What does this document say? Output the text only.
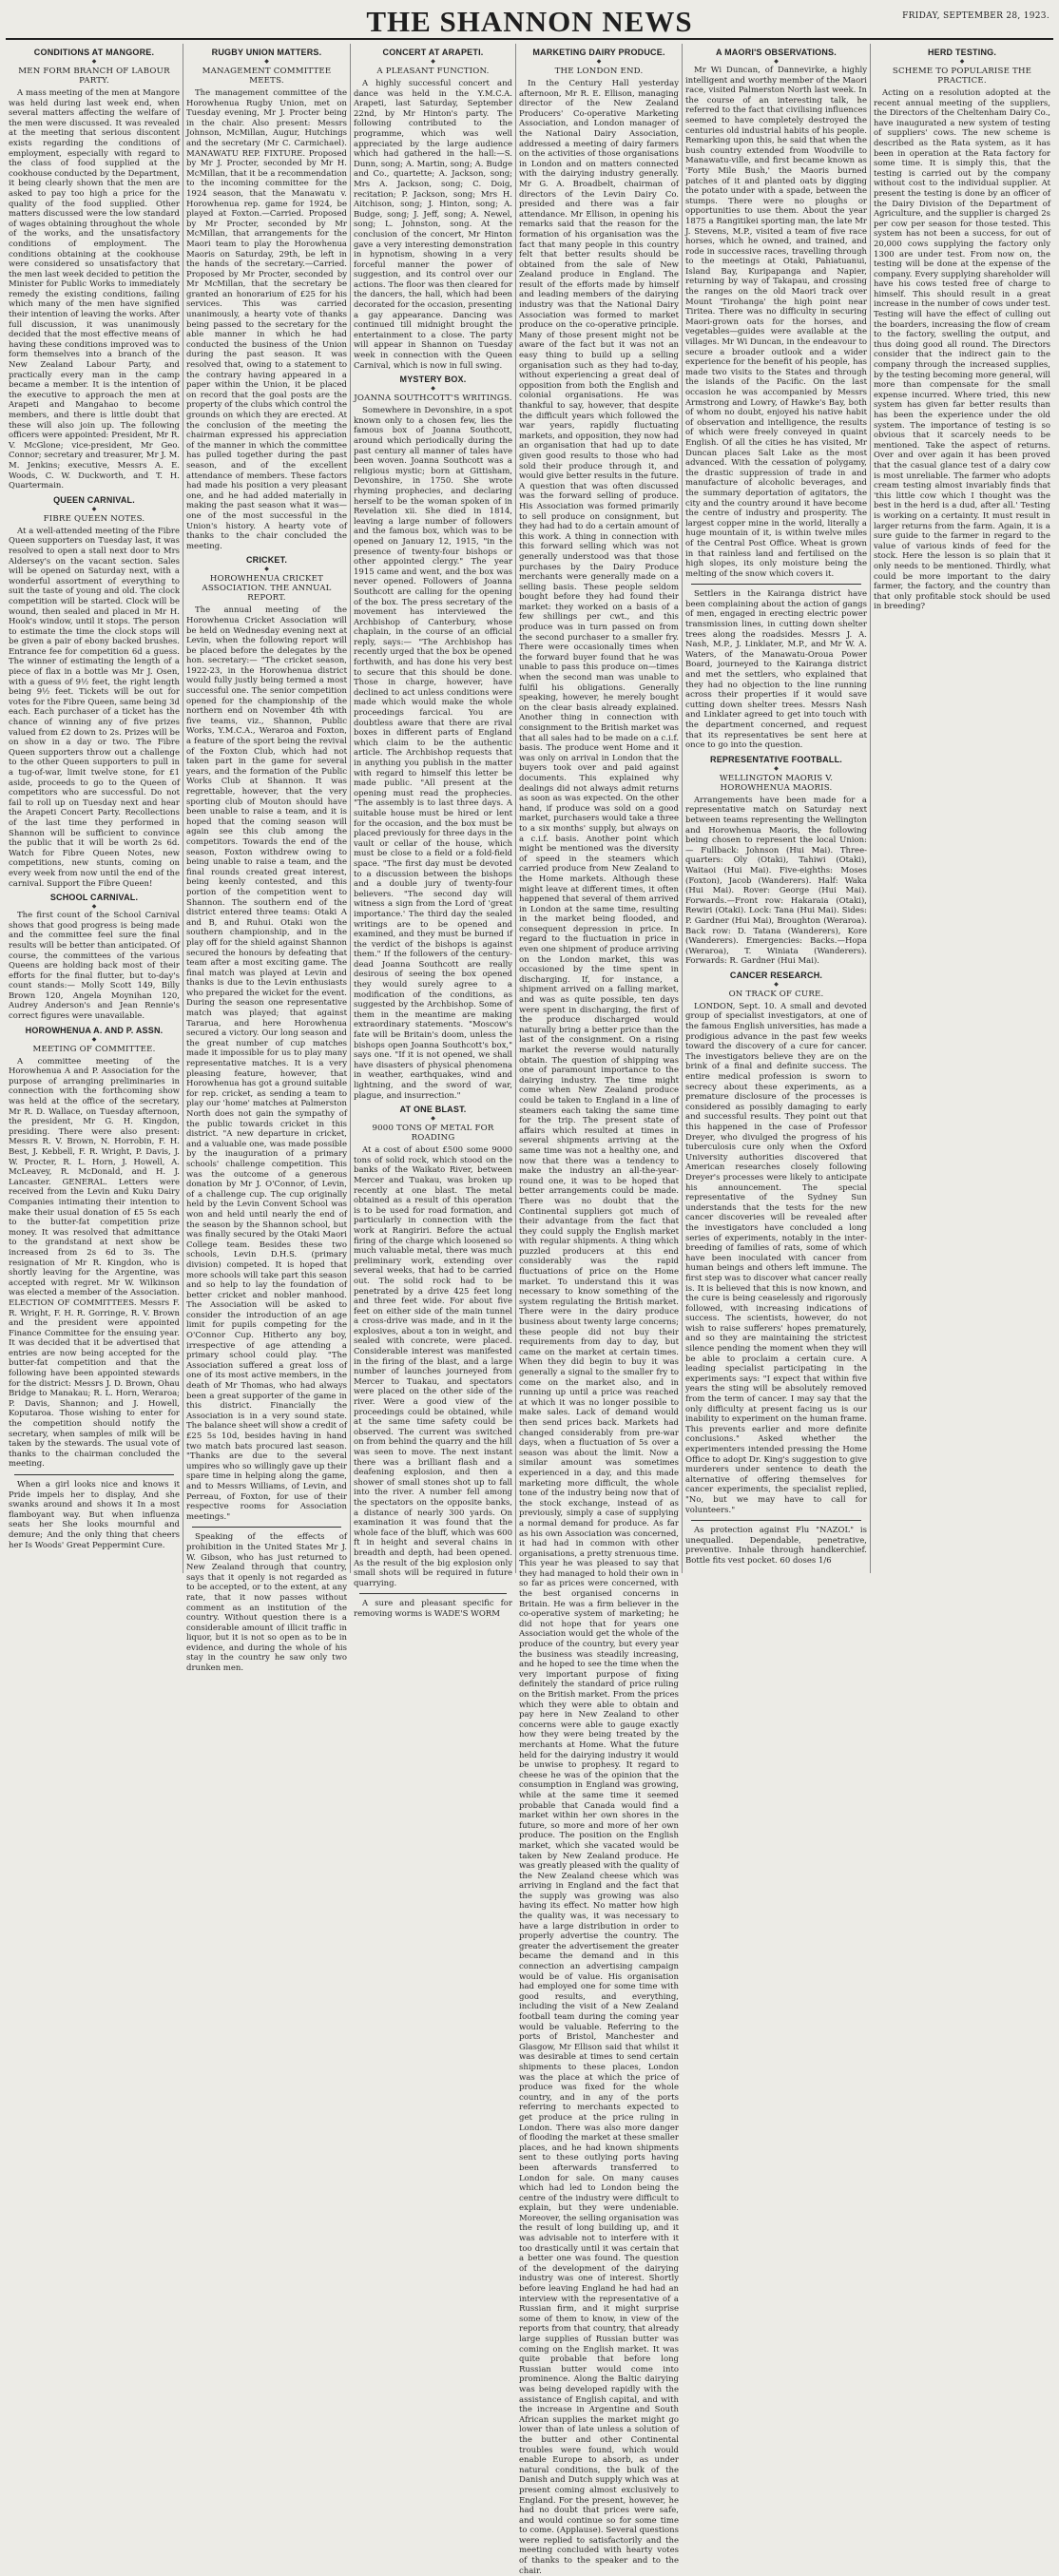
THE SHANNON NEWS	FRIDAY, SEPTEMBER 28, 1923.
CONDITIONS AT MANGORE.
◆
MEN FORM BRANCH OF LABOUR PARTY.
A mass meeting of the men at Mangore was held during last week end, when several matters affecting the welfare of the men were discussed. It was revealed at the meeting that serious discontent exists regarding the conditions of employment, especially with regard to the class of food supplied at the cookhouse conducted by the Department, it being clearly shown that the men are asked to pay too high a price for the quality of the food supplied. Other matters discussed were the low standard of wages obtaining throughout the whole of the works, and the unsatisfactory conditions of employment. The conditions obtaining at the cookhouse were considered so unsatisfactory that the men last week decided to petition the Minister for Public Works to immediately remedy the existing conditions, failing which many of the men have signified their intention of leaving the works. After full discussion, it was unanimously decided that the most effective means of having these conditions improved was to form themselves into a branch of the New Zealand Labour Party, and practically every man in the camp became a member. It is the intention of the executive to approach the men at Arapeti and Mangahao to become members, and there is little doubt that these will also join up. The following officers were appointed: President, Mr R. V. McGlone; vice-president, Mr Geo. Connor; secretary and treasurer, Mr J. M. M. Jenkins; executive, Messrs A. E. Woods, C. W. Duckworth, and T. H. Quartermain.
QUEEN CARNIVAL.
◆
FIBRE QUEEN NOTES.
At a well-attended meeting of the Fibre Queen supporters on Tuesday last, it was resolved to open a stall next door to Mrs Aldersey's on the vacant section. Sales will be opened on Saturday next, with a wonderful assortment of everything to suit the taste of young and old. The clock competition will be started. Clock will be wound, then sealed and placed in Mr H. Hook's window, until it stops. The person to estimate the time the clock stops will be given a pair of ebony backed brushes. Entrance fee for competition 6d a guess. The winner of estimating the length of a piece of flax in a bottle was Mr J. Osen, with a guess of 9½ feet, the right length being 9½ feet. Tickets will be out for votes for the Fibre Queen, same being 3d each. Each purchaser of a ticket has the chance of winning any of five prizes valued from £2 down to 2s. Prizes will be on show in a day or two. The Fibre Queen supporters throw out a challenge to the other Queen supporters to pull in a tug-of-war, limit twelve stone, for £1 aside, proceeds to go to the Queen of competitors who are successful. Do not fail to roll up on Tuesday next and hear the Arapeti Concert Party. Recollections of the last time they performed in Shannon will be sufficient to convince the public that it will be worth 2s 6d. Watch for Fibre Queen Notes, new competitions, new stunts, coming on every week from now until the end of the carnival. Support the Fibre Queen!
SCHOOL CARNIVAL.
◆
The first count of the School Carnival shows that good progress is being made and the committee feel sure the final results will be better than anticipated. Of course, the committees of the various Queens are holding back most of their efforts for the final flutter, but to-day's count stands:— Molly Scott 149, Billy Brown 120, Angela Moynihan 120, Audrey Anderson's and Jean Rennie's correct figures were unavailable.
HOROWHENUA A. AND P. ASSN.
◆
MEETING OF COMMITTEE.
A committee meeting of the Horowhenua A and P. Association for the purpose of arranging preliminaries in connection with the forthcoming show was held at the office of the secretary, Mr R. D. Wallace, on Tuesday afternoon, the president, Mr G. H. Kingdon, presiding. There were also present: Messrs R. V. Brown, N. Horrobin, F. H. Best, J. Kebbell, F. R. Wright, P. Davis, J. W. Procter, R. L. Horn, J. Howell, A. McLeavey, R. McDonald, and H. J. Lancaster. GENERAL. Letters were received from the Levin and Kuku Dairy Companies intimating their intention to make their usual donation of £5 5s each to the butter-fat competition prize money. It was resolved that admittance to the grandstand at next show be increased from 2s 6d to 3s. The resignation of Mr R. Kingdon, who is shortly leaving for the Argentine, was accepted with regret. Mr W. Wilkinson was elected a member of the Association. ELECTION OF COMMITTEES. Messrs F. R. Wright, F. H. R. Gorringe, R. V. Brown and the president were appointed Finance Committee for the ensuing year. It was decided that it be advertised that entries are now being accepted for the butter-fat competition and that the following have been appointed stewards for the district: Messrs J. D. Brown, Ohau Bridge to Manakau; R. L. Horn, Weraroa; P. Davis, Shannon; and J. Howell, Koputaroa. Those wishing to enter for the competition should notify the secretary, when samples of milk will be taken by the stewards. The usual vote of thanks to the chairman concluded the meeting.
When a girl looks nice and knows it Pride impels her to display, And she swanks around and shows it In a most flamboyant way. But when influenza seats her She looks mournful and demure; And the only thing that cheers her Is Woods' Great Peppermint Cure.
RUGBY UNION MATTERS.
◆
MANAGEMENT COMMITTEE MEETS.
The management committee of the Horowhenua Rugby Union, met on Tuesday evening, Mr J. Procter being in the chair. Also present: Messrs Johnson, McMillan, Augur, Hutchings and the secretary (Mr C. Carmichael). MANAWATU REP. FIXTURE. Proposed by Mr J. Procter, seconded by Mr H. McMillan, that it be a recommendation to the incoming committee for the 1924 season, that the Manawatu v. Horowhenua rep. game for 1924, be played at Foxton.—Carried. Proposed by Mr Procter, seconded by Mr McMillan, that arrangements for the Maori team to play the Horowhenua Maoris on Saturday, 29th, be left in the hands of the secretary.—Carried. Proposed by Mr Procter, seconded by Mr McMillan, that the secretary be granted an honorarium of £25 for his services. This was carried unanimously, a hearty vote of thanks being passed to the secretary for the able manner in which he had conducted the business of the Union during the past season. It was resolved that, owing to a statement to the contrary having appeared in a paper within the Union, it be placed on record that the goal posts are the property of the clubs which control the grounds on which they are erected. At the conclusion of the meeting the chairman expressed his appreciation of the manner in which the committee has pulled together during the past season, and of the excellent attendance of members. These factors had made his position a very pleasant one, and he had added materially in making the past season what it was—one of the most successful in the Union's history. A hearty vote of thanks to the chair concluded the meeting.
CRICKET.
◆
HOROWHENUA CRICKET ASSOCIATION. THE ANNUAL REPORT.
The annual meeting of the Horowhenua Cricket Association will be held on Wednesday evening next at Levin, when the following report will be placed before the delegates by the hon. secretary:— "The cricket season, 1922-23, in the Horowhenua district would fully justly being termed a most successful one. The senior competition opened for the championship of the northern end on November 4th with five teams, viz., Shannon, Public Works, Y.M.C.A., Weraroa and Foxton, a feature of the sport being the revival of the Foxton Club, which had not taken part in the game for several years, and the formation of the Public Works Club at Shannon. It was regrettable, however, that the very sporting club of Mouton should have been unable to raise a team, and it is hoped that the coming season will again see this club among the competitors. Towards the end of the season, Foxton withdrew owing to being unable to raise a team, and the final rounds created great interest, being keenly contested, and this portion of the competition went to Shannon. The southern end of the district entered three teams: Otaki A and B, and Ruhui. Otaki won the southern championship, and in the play off for the shield against Shannon secured the honours by defeating that team after a most exciting game. The final match was played at Levin and thanks is due to the Levin enthusiasts who prepared the wicket for the event. During the season one representative match was played; that against Tararua, and here Horowhenua secured a victory. Our long season and the great number of cup matches made it impossible for us to play many representative matches. It is a very pleasing feature, however, that Horowhenua has got a ground suitable for rep. cricket, as sending a team to play our 'home' matches at Palmerston North does not gain the sympathy of the public towards cricket in this district. "A new departure in cricket, and a valuable one, was made possible by the inauguration of a primary schools' challenge competition. This was the outcome of a generous donation by Mr J. O'Connor, of Levin, of a challenge cup. The cup originally held by the Levin Convent School was won and held until nearly the end of the season by the Shannon school, but was finally secured by the Otaki Maori College team. Besides these two schools, Levin D.H.S. (primary division) competed. It is hoped that more schools will take part this season and so help to lay the foundation of better cricket and nobler manhood. The Association will be asked to consider the introduction of an age limit for pupils competing for the O'Connor Cup. Hitherto any boy, irrespective of age attending a primary school could play. "The Association suffered a great loss of one of its most active members, in the death of Mr Thomas, who had always been a great supporter of the game in this district. Financially the Association is in a very sound state. The balance sheet will show a credit of £25 5s 10d, besides having in hand two match bats procured last season. "Thanks are due to the several umpires who so willingly gave up their spare time in helping along the game, and to Messrs Williams, of Levin, and Perreau, of Foxton, for use of their respective rooms for Association meetings."
Speaking of the effects of prohibition in the United States Mr J. W. Gibson, who has just returned to New Zealand through that country, says that it openly is not regarded as to be accepted, or to the extent, at any rate, that it now passes without comment as an institution of the country. Without question there is a considerable amount of illicit traffic in liquor, but it is not so open as to be in evidence, and during the whole of his stay in the country he saw only two drunken men.
CONCERT AT ARAPETI.
◆
A PLEASANT FUNCTION.
A highly successful concert and dance was held in the Y.M.C.A. Arapeti, last Saturday, September 22nd, by Mr Hinton's party. The following contributed to the programme, which was well appreciated by the large audience which had gathered in the hall:—S. Dunn, song; A. Martin, song; A. Budge and Co., quartette; A. Jackson, song; Mrs A. Jackson, song; C. Doig, recitation; P. Jackson, song; Mrs H. Aitchison, song; J. Hinton, song; A. Budge, song; J. Jeff, song; A. Newel, song; L. Johnston, song. At the conclusion of the concert, Mr Hinton gave a very interesting demonstration in hypnotism, showing in a very forceful manner the power of suggestion, and its control over our actions. The floor was then cleared for the dancers, the hall, which had been decorated for the occasion, presenting a gay appearance. Dancing was continued till midnight brought the entertainment to a close. The party will appear in Shannon on Tuesday week in connection with the Queen Carnival, which is now in full swing.
MYSTERY BOX.
◆
JOANNA SOUTHCOTT'S WRITINGS.
Somewhere in Devonshire, in a spot known only to a chosen few, lies the famous box of Joanna Southcott, around which periodically during the past century all manner of tales have been woven. Joanna Southcott was a religious mystic; born at Gittisham, Devonshire, in 1750. She wrote rhyming prophecies, and declaring herself to be the woman spoken of in Revelation xii. She died in 1814, leaving a large number of followers and the famous box, which was to be opened on January 12, 1915, "in the presence of twenty-four bishops or other appointed clergy." The year 1915 came and went, and the box was never opened. Followers of Joanna Southcott are calling for the opening of the box. The press secretary of the movement has interviewed the Archbishop of Canterbury, whose chaplain, in the course of an official reply, says:— "The Archbishop has recently urged that the box be opened forthwith, and has done his very best to secure that this should be done. Those in charge, however, have declined to act unless conditions were made which would make the whole proceedings farcical. You are doubtless aware that there are rival boxes in different parts of England which claim to be the authentic article. The Archbishop requests that in anything you publish in the matter with regard to himself this letter be made public. "All present at the opening must read the prophecies. "The assembly is to last three days. A suitable house must be hired or lent for the occasion, and the box must be placed previously for three days in the vault or cellar of the house, which must be close to a field or a fold-field space. "The first day must be devoted to a discussion between the bishops and a double jury of twenty-four believers. "The second day will witness a sign from the Lord of 'great importance.' The third day the sealed writings are to be opened and examined, and they must be burned if the verdict of the bishops is against them." If the followers of the century-dead Joanna Southcott are really desirous of seeing the box opened they would surely agree to a modification of the conditions, as suggested by the Archbishop. Some of them in the meantime are making extraordinary statements. "Moscow's fate will be Britain's doom, unless the bishops open Joanna Southcott's box," says one. "If it is not opened, we shall have disasters of physical phenomena in weather, earthquakes, wind and lightning, and the sword of war, plague, and insurrection."
AT ONE BLAST.
◆
9000 TONS OF METAL FOR ROADING
At a cost of about £500 some 9000 tons of solid rock, which stood on the banks of the Waikato River, between Mercer and Tuakau, was broken up recently at one blast. The metal obtained as a result of this operation is to be used for road formation, and particularly in connection with the work at Rangiriri. Before the actual firing of the charge which loosened so much valuable metal, there was much preliminary work, extending over several weeks, that had to be carried out. The solid rock had to be penetrated by a drive 425 feet long and three feet wide. For about five feet on either side of the main tunnel a cross-drive was made, and in it the explosives, about a ton in weight, and sealed with concrete, were placed. Considerable interest was manifested in the firing of the blast, and a large number of launches journeyed from Mercer to Tuakau, and spectators were placed on the other side of the river. Were a good view of the proceedings could be obtained, while at the same time safety could be observed. The current was switched on from behind the quarry and the hill was seen to move. The next instant there was a brilliant flash and a deafening explosion, and then a shower of small stones shot up to fall into the river. A number fell among the spectators on the opposite banks, a distance of nearly 300 yards. On examination it was found that the whole face of the bluff, which was 600 ft in height and several chains in breadth and depth, had been opened. As the result of the big explosion only small shots will be required in future quarrying.
A sure and pleasant specific for removing worms is WADE'S WORM
MARKETING DAIRY PRODUCE.
◆
THE LONDON END.
In the Century Hall yesterday afternoon, Mr R. E. Ellison, managing director of the New Zealand Producers' Co-operative Marketing Association, and London manager of the National Dairy Association, addressed a meeting of dairy farmers on the activities of those organisations in London and on matters connected with the dairying industry generally. Mr G. A. Broadbelt, chairman of directors of the Levin Dairy Co. presided and there was a fair attendance. Mr Ellison, in opening his remarks said that the reason for the formation of his organisation was the fact that many people in this country felt that better results should be obtained from the sale of New Zealand produce in England. The result of the efforts made by himself and leading members of the dairying industry was that the National Dairy Association was formed to market produce on the co-operative principle. Many of those present might not be aware of the fact but it was not an easy thing to build up a selling organisation such as they had to-day, without experiencing a great deal of opposition from both the English and colonial organisations. He was thankful to say, however, that despite the difficult years which followed the war years, rapidly fluctuating markets, and opposition, they now had an organisation that had up to date given good results to those who had sold their produce through it, and would give better results in the future. A question that was often discussed was the forward selling of produce. His Association was formed primarily to sell produce on consignment, but they had had to do a certain amount of this work. A thing in connection with this forward selling which was not generally understood was that those purchases by the Dairy Produce merchants were generally made on a selling basis. These people seldom bought before they had found their market: they worked on a basis of a few shillings per cwt., and this produce was in turn passed on from the second purchaser to a smaller fry. There were occasionally times when the forward buyer found that he was unable to pass this produce on—times when the second man was unable to fulfil his obligations. Generally speaking, however, he merely bought on the clear basis already explained. Another thing in connection with consignment to the British market was that all sales had to be made on a c.i.f. basis. The produce went Home and it was only on arrival in London that the buyers took over and paid against documents. This explained why dealings did not always admit returns as soon as was expected. On the other hand, if produce was sold on a good market, purchasers would take a three to a six months' supply, but always on a c.i.f. basis. Another point which might be mentioned was the diversity of speed in the steamers which carried produce from New Zealand to the Home markets. Although these might leave at different times, it often happened that several of them arrived in London at the same time, resulting in the market being flooded, and consequent depression in price. In regard to the fluctuation in price in even one shipment of produce arriving on the London market, this was occasioned by the time spent in discharging. If, for instance, a shipment arrived on a falling market, and was as quite possible, ten days were spent in discharging, the first of the produce discharged would naturally bring a better price than the last of the consignment. On a rising market the reverse would naturally obtain. The question of shipping was one of paramount importance to the dairying industry. The time might come when New Zealand produce could be taken to England in a line of steamers each taking the same time for the trip. The present state of affairs which resulted at times in several shipments arriving at the same time was not a healthy one, and now that there was a tendency to make the industry an all-the-year-round one, it was to be hoped that better arrangements could be made. There was no doubt that the Continental suppliers got much of their advantage from the fact that they could supply the English market with regular shipments. A thing which puzzled producers at this end considerably was the rapid fluctuations of price on the Home market. To understand this it was necessary to know something of the system regulating the British market. There were in the dairy produce business about twenty large concerns; these people did not buy their requirements from day to day, but came on the market at certain times. When they did begin to buy it was generally a signal to the smaller fry to come on the market also, and in running up until a price was reached at which it was no longer possible to make sales. Lack of demand would then send prices back. Markets had changed considerably from pre-war days, when a fluctuation of 5s over a season was about the limit. Now a similar amount was sometimes experienced in a day, and this made marketing more difficult, the whole tone of the industry being now that of the stock exchange, instead of as previously, simply a case of supplying a normal demand for produce. As far as his own Association was concerned, it had had in common with other organisations, a pretty strenuous time. This year he was pleased to say that they had managed to hold their own in so far as prices were concerned, with the best organised concerns in Britain. He was a firm believer in the co-operative system of marketing; he did not hope that for years one Association would get the whole of the produce of the country, but every year the business was steadily increasing, and he hoped to see the time when the very important purpose of fixing definitely the standard of price ruling on the British market. From the prices which they were able to obtain and pay here in New Zealand to other concerns were able to gauge exactly how they were being treated by the merchants at Home. What the future held for the dairying industry it would be unwise to prophesy. It regard to cheese he was of the opinion that the consumption in England was growing, while at the same time it seemed probable that Canada would find a market within her own shores in the future, so more and more of her own produce. The position on the English market, which she vacated would be taken by New Zealand produce. He was greatly pleased with the quality of the New Zealand cheese which was arriving in England and the fact that the supply was growing was also having its effect. No matter how high the quality was, it was necessary to have a large distribution in order to properly advertise the country. The greater the advertisement the greater became the demand and in this connection an advertising campaign would be of value. His organisation had employed one for some time with good results, and everything, including the visit of a New Zealand football team during the coming year would be valuable. Referring to the ports of Bristol, Manchester and Glasgow, Mr Ellison said that whilst it was desirable at times to send certain shipments to these places, London was the place at which the price of produce was fixed for the whole country, and in any of the ports referring to merchants expected to get produce at the price ruling in London. There was also more danger of flooding the market at these smaller places, and he had known shipments sent to these outlying ports having been afterwards transferred to London for sale. On many causes which had led to London being the centre of the industry were difficult to explain, but they were undeniable. Moreover, the selling organisation was the result of long building up, and it was advisable not to interfere with it too drastically until it was certain that a better one was found. The question of the development of the dairying industry was one of interest. Shortly before leaving England he had had an interview with the representative of a Russian firm, and it might surprise some of them to know, in view of the reports from that country, that already large supplies of Russian butter was coming on the English market. It was quite probable that before long Russian butter would come into prominence. Along the Baltic dairying was being developed rapidly with the assistance of English capital, and with the increase in Argentine and South African supplies the market might go lower than of late unless a solution of the butter and other Continental troubles were found, which would enable Europe to absorb, as under natural conditions, the bulk of the Danish and Dutch supply which was at present coming almost exclusively to England. For the present, however, he had no doubt that prices were safe, and would continue so for some time to come. (Applause). Several questions were replied to satisfactorily and the meeting concluded with hearty votes of thanks to the speaker and to the chair.
A MAORI'S OBSERVATIONS.
◆
Mr Wi Duncan, of Dannevirke, a highly intelligent and worthy member of the Maori race, visited Palmerston North last week. In the course of an interesting talk, he referred to the fact that civilising influences seemed to have completely destroyed the centuries old industrial habits of his people. Remarking upon this, he said that when the bush country extended from Woodville to Manawatu-ville, and first became known as 'Forty Mile Bush,' the Maoris burned patches of it and planted oats by digging the potato under with a spade, between the stumps. There were no ploughs or opportunities to use them. About the year 1875 a Rangitikei sporting man, the late Mr J. Stevens, M.P., visited a team of five race horses, which he owned, and trained, and rode in successive races, travelling through to the meetings at Otaki, Pahiatuanui, Island Bay, Kuripapanga and Napier, returning by way of Takapau, and crossing the ranges on the old Maori track over Mount 'Tirohanga' the high point near Tiritea. There was no difficulty in securing Maori-grown oats for the horses, and vegetables—guides were available at the villages. Mr Wi Duncan, in the endeavour to secure a broader outlook and a wider experience for the benefit of his people, has made two visits to the States and through the islands of the Pacific. On the last occasion he was accompanied by Messrs Armstrong and Lowry, of Hawke's Bay, both of whom no doubt, enjoyed his native habit of observation and intelligence, the results of which were freely conveyed in quaint English. Of all the cities he has visited, Mr Duncan places Salt Lake as the most advanced. With the cessation of polygamy, the drastic suppression of trade in and manufacture of alcoholic beverages, and the summary deportation of agitators, the city and the country around it have become the centre of industry and prosperity. The largest copper mine in the world, literally a huge mountain of it, is within twelve miles of the Central Post Office. Wheat is grown in that rainless land and fertilised on the high slopes, its only moisture being the melting of the snow which covers it.
Settlers in the Kairanga district have been complaining about the action of gangs of men, engaged in erecting electric power transmission lines, in cutting down shelter trees along the roadsides. Messrs J. A. Nash, M.P., J. Linklater, M.P., and Mr W. A. Waters, of the Manawatu-Oroua Power Board, journeyed to the Kairanga district and met the settlers, who explained that they had no objection to the line running across their properties if it would save cutting down shelter trees. Messrs Nash and Linklater agreed to get into touch with the department concerned, and request that its representatives be sent here at once to go into the question.
REPRESENTATIVE FOOTBALL.
◆
WELLINGTON MAORIS V. HOROWHENUA MAORIS.
Arrangements have been made for a representative match on Saturday next between teams representing the Wellington and Horowhenua Maoris, the following being chosen to represent the local Union:— Fullback: Johnson (Hui Mai). Three-quarters: Oly (Otaki), Tahiwi (Otaki), Waitaoi (Hui Mai). Five-eighths: Moses (Foxton), Jacob (Wanderers). Half: Waka (Hui Mai). Rover: George (Hui Mai). Forwards.—Front row: Hakaraia (Otaki), Rewiri (Otaki). Lock: Tana (Hui Mai). Sides: P. Gardner (Hui Mai), Broughton (Weraroa). Back row: D. Tatana (Wanderers), Kore (Wanderers). Emergencies: Backs.—Hopa (Weraroa), T. Winiata (Wanderers). Forwards: R. Gardner (Hui Mai).
CANCER RESEARCH.
◆
ON TRACK OF CURE.
LONDON, Sept. 10. A small and devoted group of specialist investigators, at one of the famous English universities, has made a prodigious advance in the past few weeks toward the discovery of a cure for cancer. The investigators believe they are on the brink of a final and definite success. The entire medical profession is sworn to secrecy about these experiments, as a premature disclosure of the processes is considered as possibly damaging to early and successful results. They point out that this happened in the case of Professor Dreyer, who divulged the progress of his tuberculosis cure only when the Oxford University authorities discovered that American researches closely following Dreyer's processes were likely to anticipate his announcement. The special representative of the Sydney Sun understands that the tests for the new cancer discoveries will be revealed after the investigators have concluded a long series of experiments, notably in the inter-breeding of families of rats, some of which have been inoculated with cancer from human beings and others left immune. The first step was to discover what cancer really is. It is believed that this is now known, and the cure is being ceaselessly and rigorously followed, with increasing indications of success. The scientists, however, do not wish to raise sufferers' hopes prematurely, and so they are maintaining the strictest silence pending the moment when they will be able to proclaim a certain cure. A leading specialist participating in the experiments says: "I expect that within five years the sting will be absolutely removed from the term of cancer. I may say that the only difficulty at present facing us is our inability to experiment on the human frame. This prevents earlier and more definite conclusions." Asked whether the experimenters intended pressing the Home Office to adopt Dr. King's suggestion to give murderers under sentence to death the alternative of offering themselves for cancer experiments, the specialist replied, "No, but we may have to call for volunteers."
As protection against Flu "NAZOL" is unequalled. Dependable, penetrative, preventive. Inhale through handkerchief. Bottle fits vest pocket. 60 doses 1/6
HERD TESTING.
◆
SCHEME TO POPULARISE THE PRACTICE.
Acting on a resolution adopted at the recent annual meeting of the suppliers, the Directors of the Cheltenham Dairy Co., have inaugurated a new system of testing of suppliers' cows. The new scheme is described as the Rata system, as it has been in operation at the Rata factory for some time. It is simply this, that the testing is carried out by the company without cost to the individual supplier. At present the testing is done by an officer of the Dairy Division of the Department of Agriculture, and the supplier is charged 2s per cow per season for those tested. This system has not been a success, for out of 20,000 cows supplying the factory only 1300 are under test. From now on, the testing will be done at the expense of the company. Every supplying shareholder will have his cows tested free of charge to himself. This should result in a great increase in the number of cows under test. Testing will have the effect of culling out the boarders, increasing the flow of cream to the factory, swelling the output, and thus doing good all round. The Directors consider that the indirect gain to the company through the increased supplies, by the testing becoming more general, will more than compensate for the small expense incurred. Where tried, this new system has given far better results than has been the experience under the old system. The importance of testing is so obvious that it scarcely needs to be mentioned. Take the aspect of returns. Over and over again it has been proved that the casual glance test of a dairy cow is most unreliable. The farmer who adopts cream testing almost invariably finds that 'this little cow which I thought was the best in the herd is a dud, after all.' Testing is working on a certainty. It must result in larger returns from the farm. Again, it is a sure guide to the farmer in regard to the value of various kinds of feed for the stock. Here the lesson is so plain that it only needs to be mentioned. Thirdly, what could be more important to the dairy farmer, the factory, and the country than that only profitable stock should be used in breeding?
